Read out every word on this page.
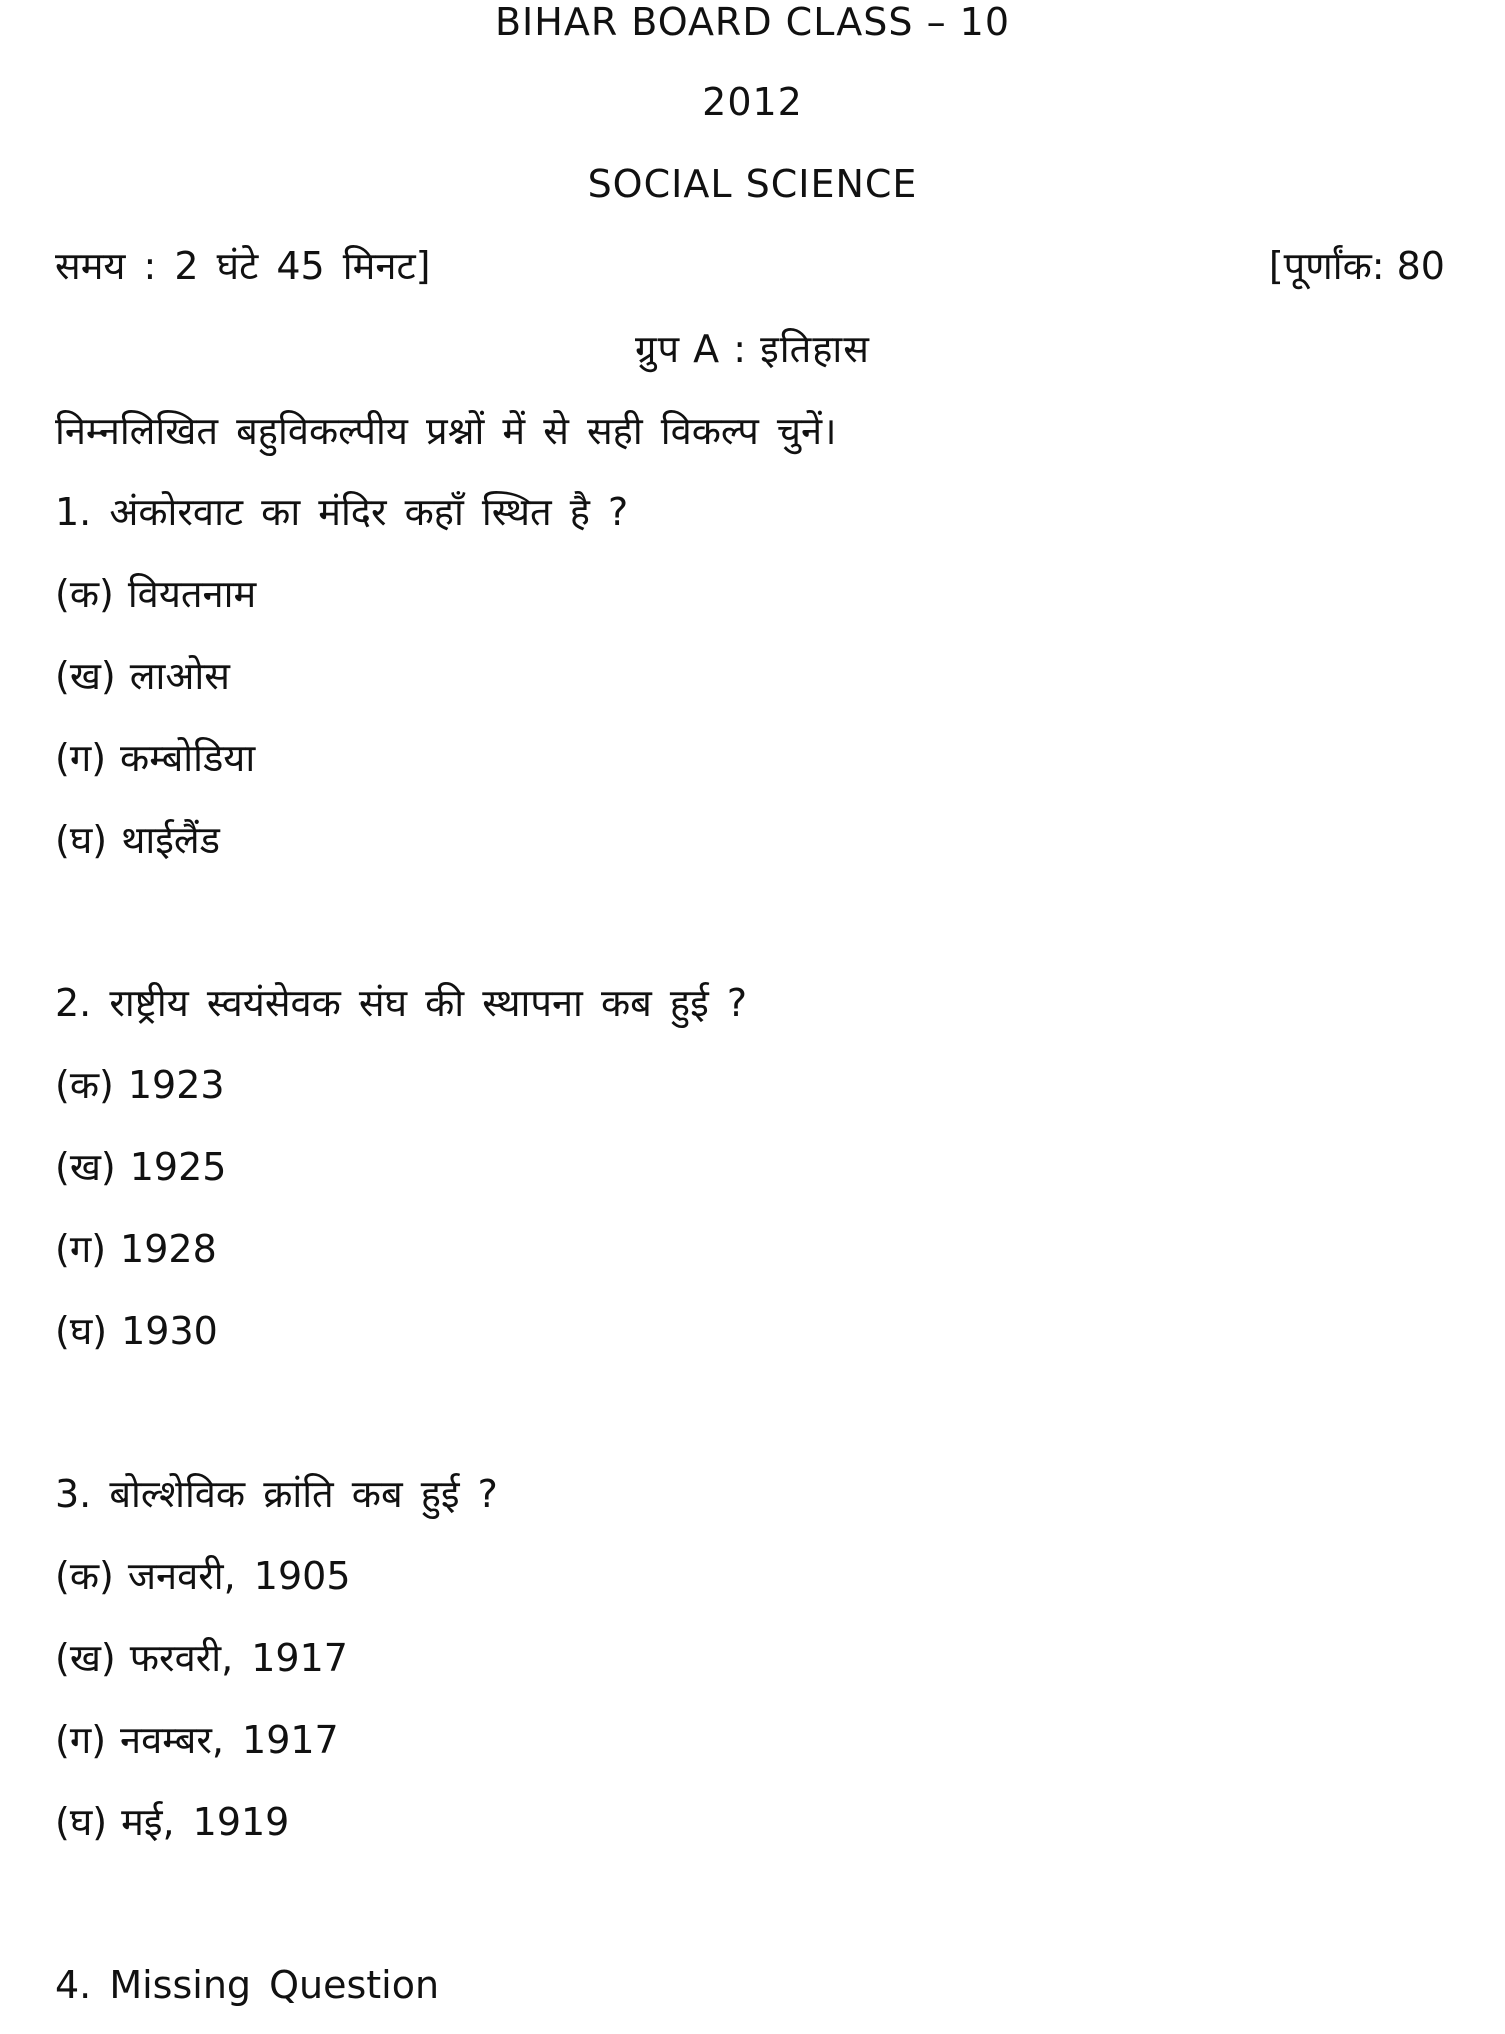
BIHAR BOARD CLASS – 10
2012
SOCIAL SCIENCE
समय : 2 घंटे 45 मिनट]	[पूर्णांक: 80
ग्रुप A : इतिहास
निम्नलिखित बहुविकल्पीय प्रश्नों में से सही विकल्प चुनें।
1. अंकोरवाट का मंदिर कहाँ स्थित है ?
(क) वियतनाम
(ख) लाओस
(ग) कम्बोडिया
(घ) थाईलैंड
2. राष्ट्रीय स्वयंसेवक संघ की स्थापना कब हुई ?
(क) 1923
(ख) 1925
(ग) 1928
(घ) 1930
3. बोल्शेविक क्रांति कब हुई ?
(क) जनवरी, 1905
(ख) फरवरी, 1917
(ग) नवम्बर, 1917
(घ) मई, 1919
4. Missing Question
